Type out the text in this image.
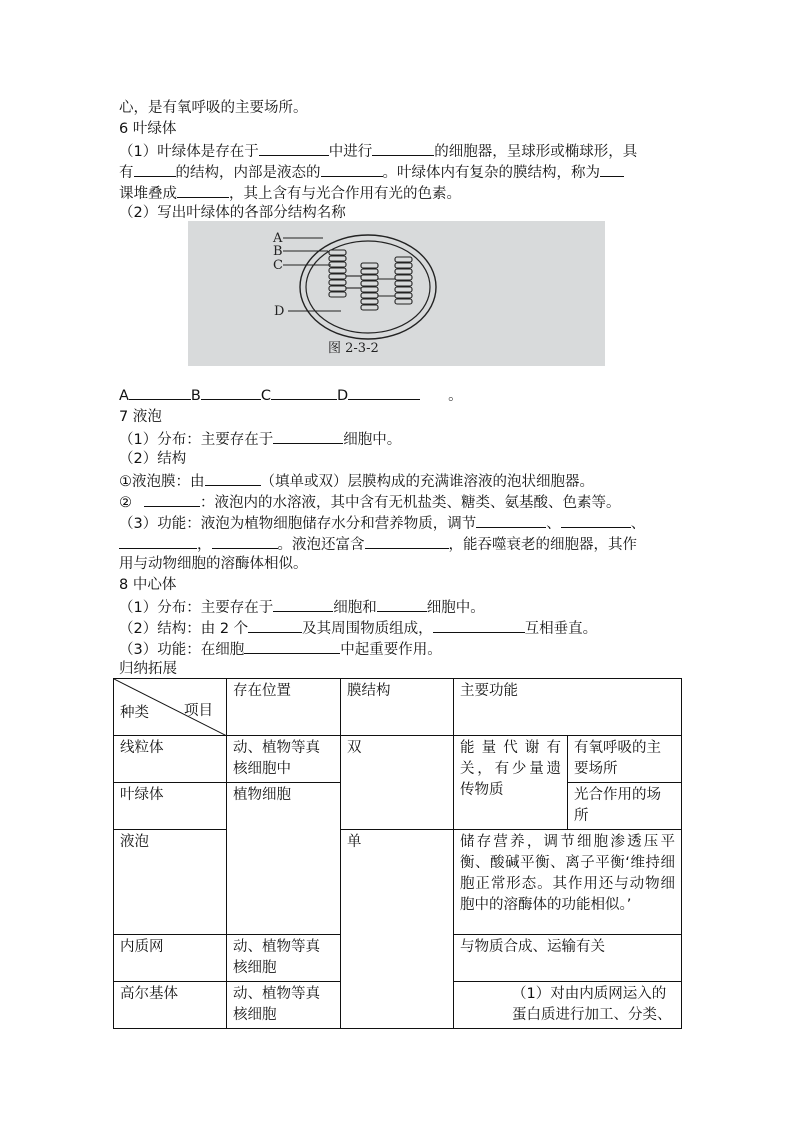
心，是有氧呼吸的主要场所。
6 叶绿体
（1）叶绿体是存在于	中进行	的细胞器，呈球形或椭球形，具
有	的结构，内部是液态的	。叶绿体内有复杂的膜结构，称为
课堆叠成	，其上含有与光合作用有光的色素。
（2）写出叶绿体的各部分结构名称
A
B
C
D
图 2-3-2
A	B	C	D	。
7 液泡
（1）分布：主要存在于	细胞中。
（2）结构
①液泡膜：由	（填单或双）层膜构成的充满谁溶液的泡状细胞器。
②	：液泡内的水溶液，其中含有无机盐类、糖类、氨基酸、色素等。
（3）功能：液泡为植物细胞储存水分和营养物质，调节	、	、
，	。液泡还富含	，能吞噬衰老的细胞器，其作
用与动物细胞的溶酶体相似。
8 中心体
（1）分布：主要存在于	细胞和	细胞中。
（2）结构：由 2 个	及其周围物质组成，	互相垂直。
（3）功能：在细胞	中起重要作用。
归纳拓展
项目
种类	存在位置	膜结构	主要功能	
线粒体	动、植物等真核细胞中	双	能量代谢有关，有少量遗传物质	有氧呼吸的主要场所
叶绿体	植物细胞			光合作用的场所
液泡		单	储存营养，调节细胞渗透压平衡、酸碱平衡、离子平衡‘维持细胞正常形态。其作用还与动物细胞中的溶酶体的功能相似。’	
内质网	动、植物等真核细胞		与物质合成、运输有关	
高尔基体	动、植物等真核细胞		（1）对由内质网运入的蛋白质进行加工、分类、	
